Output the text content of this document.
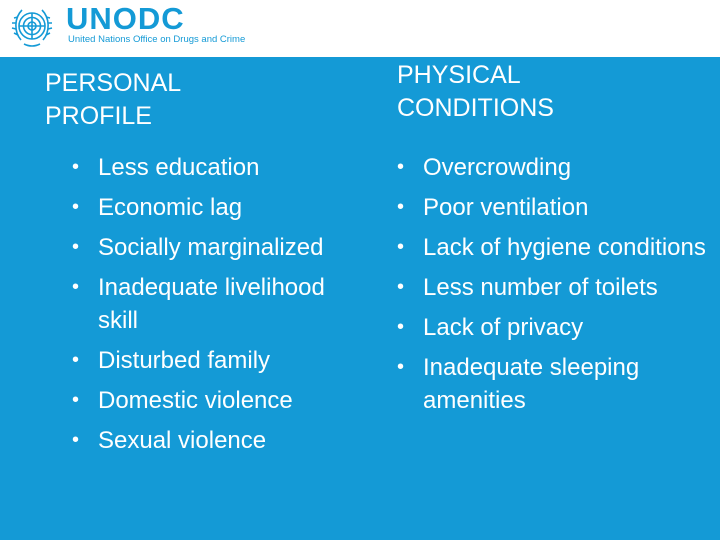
UNODC
United Nations Office on Drugs and Crime
PERSONAL
PROFILE
• Less education
• Economic lag
• Socially marginalized
• Inadequate livelihood skill
• Disturbed family
• Domestic violence
• Sexual violence
PHYSICAL
CONDITIONS
• Overcrowding
• Poor ventilation
• Lack of hygiene conditions
• Less number of toilets
• Lack of privacy
• Inadequate sleeping amenities
